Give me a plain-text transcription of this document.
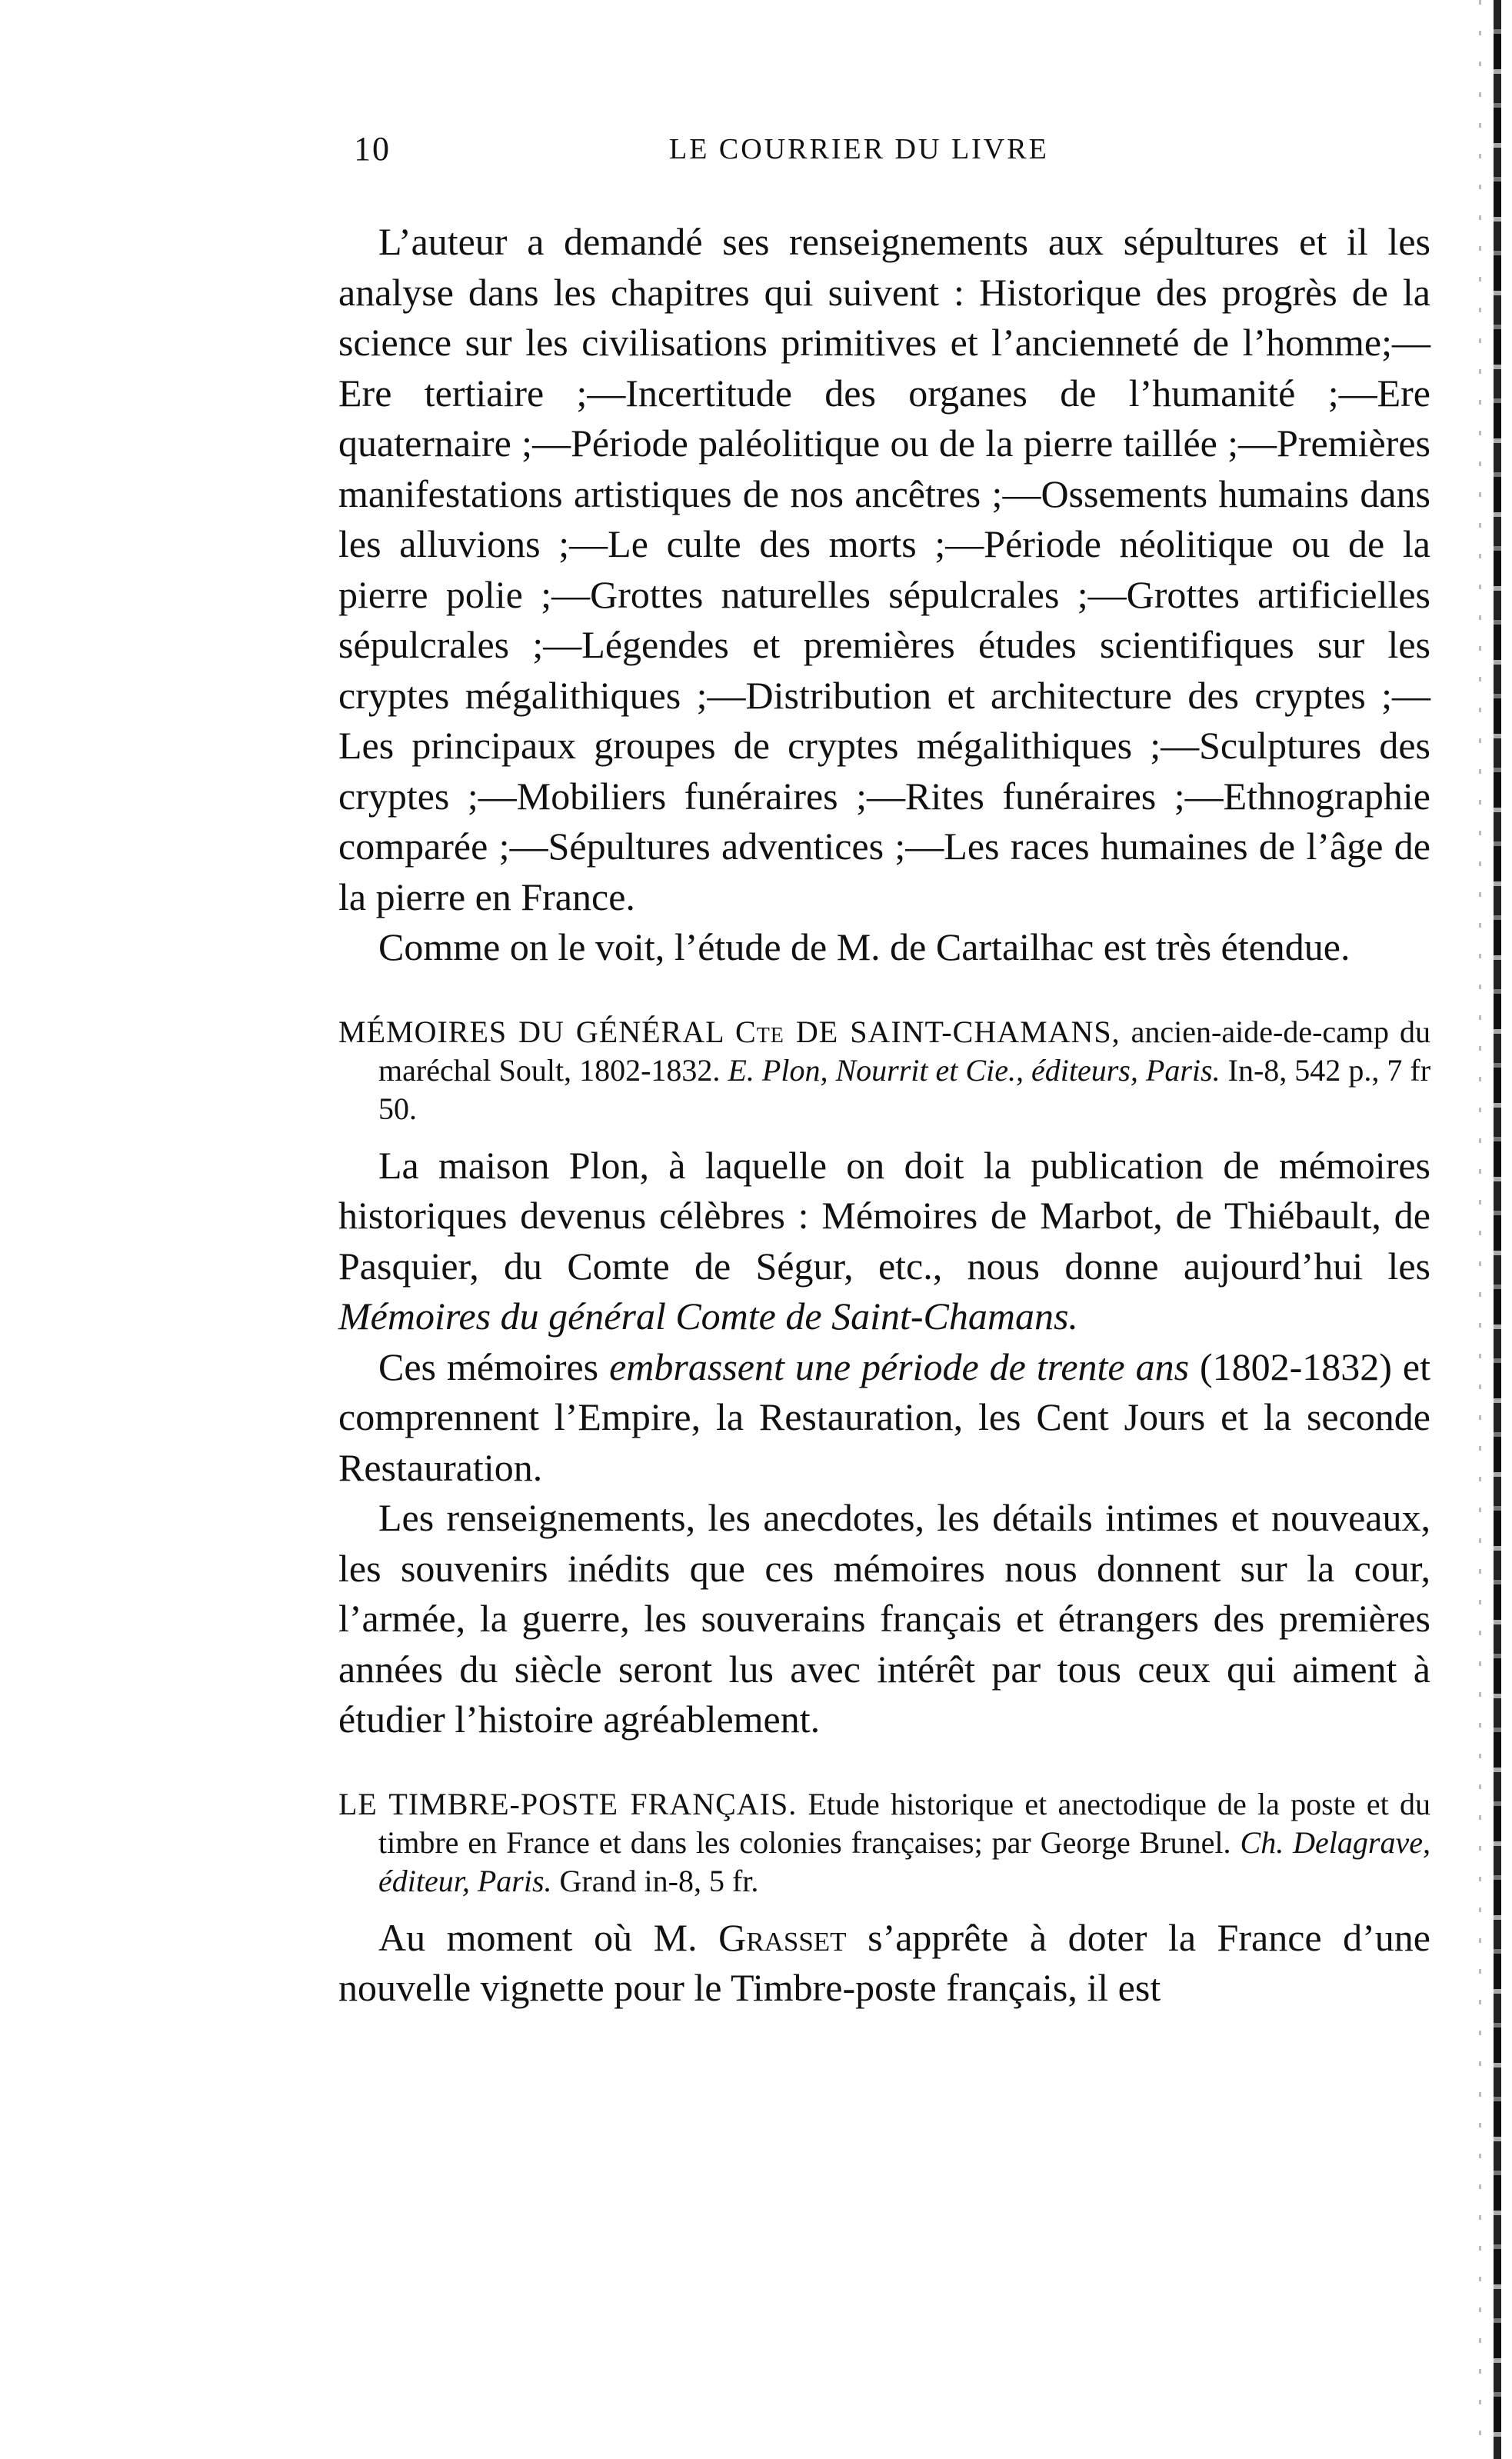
10	LE COURRIER DU LIVRE

L’auteur a demandé ses renseignements aux sépultures et il les analyse dans les chapitres qui suivent : Historique des progrès de la science sur les civilisations primitives et l’ancienneté de l’homme;—Ere tertiaire ;—Incertitude des organes de l’humanité ;—Ere quaternaire ;—Période paléolitique ou de la pierre taillée ;—Premières manifestations artistiques de nos ancêtres ;—Ossements humains dans les alluvions ;—Le culte des morts ;—Période néolitique ou de la pierre polie ;—Grottes naturelles sépulcrales ;—Grottes artificielles sépulcrales ;—Légendes et premières études scientifiques sur les cryptes mégalithiques ;—Distribution et architecture des cryptes ;—Les principaux groupes de cryptes mégalithiques ;—Sculptures des cryptes ;—Mobiliers funéraires ;—Rites funéraires ;—Ethnographie comparée ;—Sépultures adventices ;—Les races humaines de l’âge de la pierre en France.

Comme on le voit, l’étude de M. de Cartailhac est très étendue.

MÉMOIRES DU GÉNÉRAL Cte DE SAINT-CHAMANS, ancien-aide-de-camp du maréchal Soult, 1802-1832. E. Plon, Nourrit et Cie., éditeurs, Paris. In-8, 542 p., 7 fr 50.

La maison Plon, à laquelle on doit la publication de mémoires historiques devenus célèbres : Mémoires de Marbot, de Thiébault, de Pasquier, du Comte de Ségur, etc., nous donne aujourd’hui les Mémoires du général Comte de Saint-Chamans.

Ces mémoires embrassent une période de trente ans (1802-1832) et comprennent l’Empire, la Restauration, les Cent Jours et la seconde Restauration.

Les renseignements, les anecdotes, les détails intimes et nouveaux, les souvenirs inédits que ces mémoires nous donnent sur la cour, l’armée, la guerre, les souverains français et étrangers des premières années du siècle seront lus avec intérêt par tous ceux qui aiment à étudier l’histoire agréablement.

LE TIMBRE-POSTE FRANÇAIS. Etude historique et anectodique de la poste et du timbre en France et dans les colonies françaises; par George Brunel. Ch. Delagrave, éditeur, Paris. Grand in-8, 5 fr.

Au moment où M. Grasset s’apprête à doter la France d’une nouvelle vignette pour le Timbre-poste français, il est
